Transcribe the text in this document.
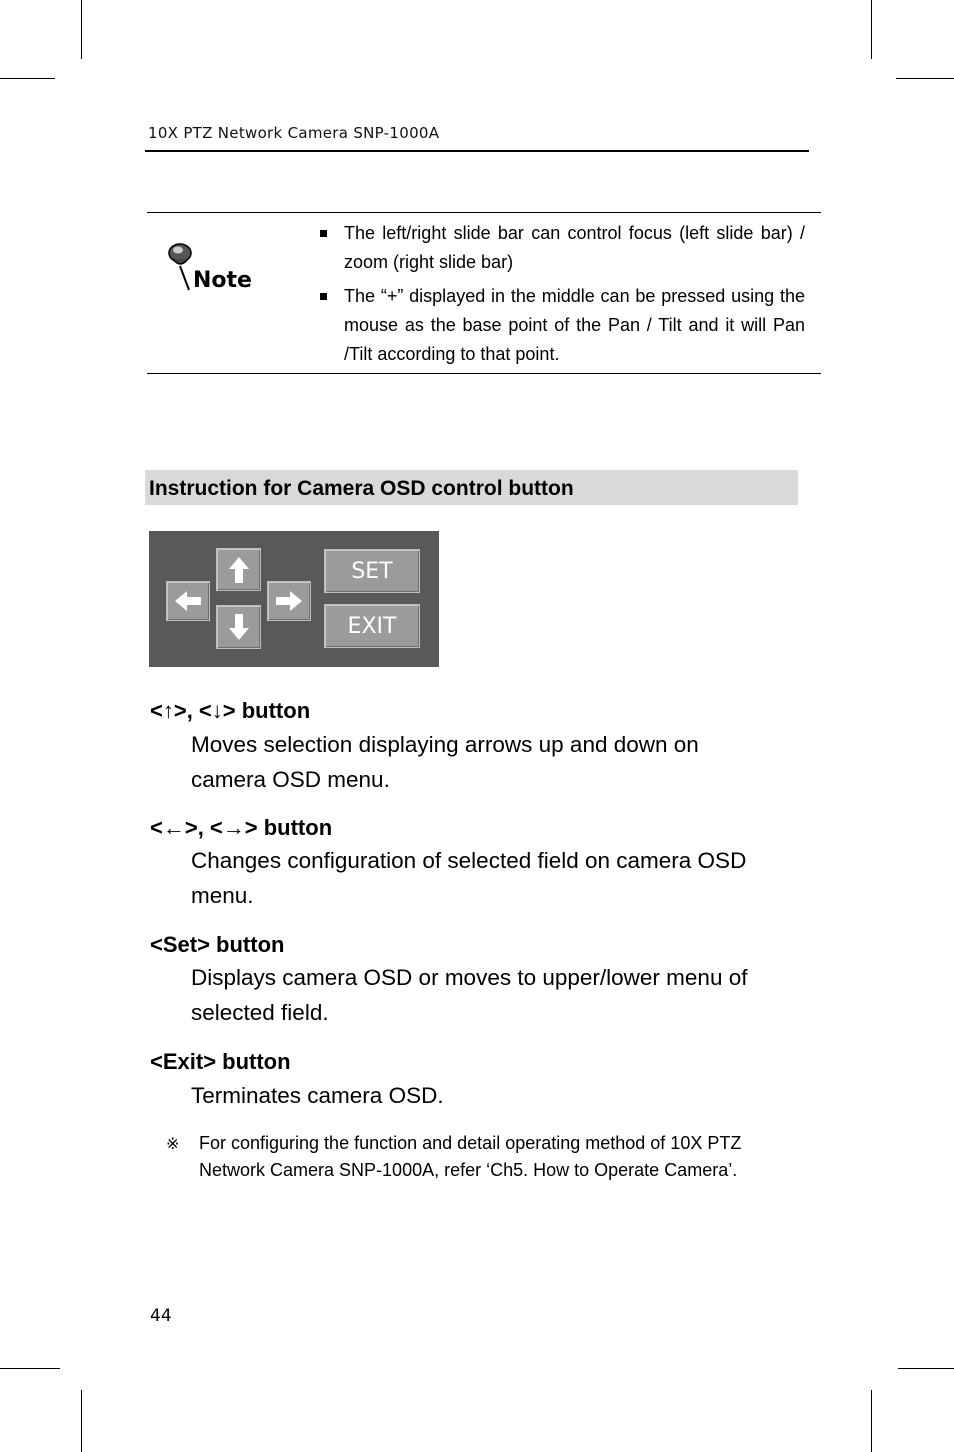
10X PTZ Network Camera SNP-1000A
Note
The left/right slide bar can control focus (left slide bar) / zoom (right slide bar)
The “+” displayed in the middle can be pressed using the mouse as the base point of the Pan / Tilt and it will Pan /Tilt according to that point.
Instruction for Camera OSD control button
SET
EXIT
<↑>, <↓> button
Moves selection displaying arrows up and down on camera OSD menu.
<←>, <→> button
Changes configuration of selected field on camera OSD menu.
<Set> button
Displays camera OSD or moves to upper/lower menu of selected field.
<Exit> button
Terminates camera OSD.
※ For configuring the function and detail operating method of 10X PTZ Network Camera SNP-1000A, refer ‘Ch5. How to Operate Camera’.
44
